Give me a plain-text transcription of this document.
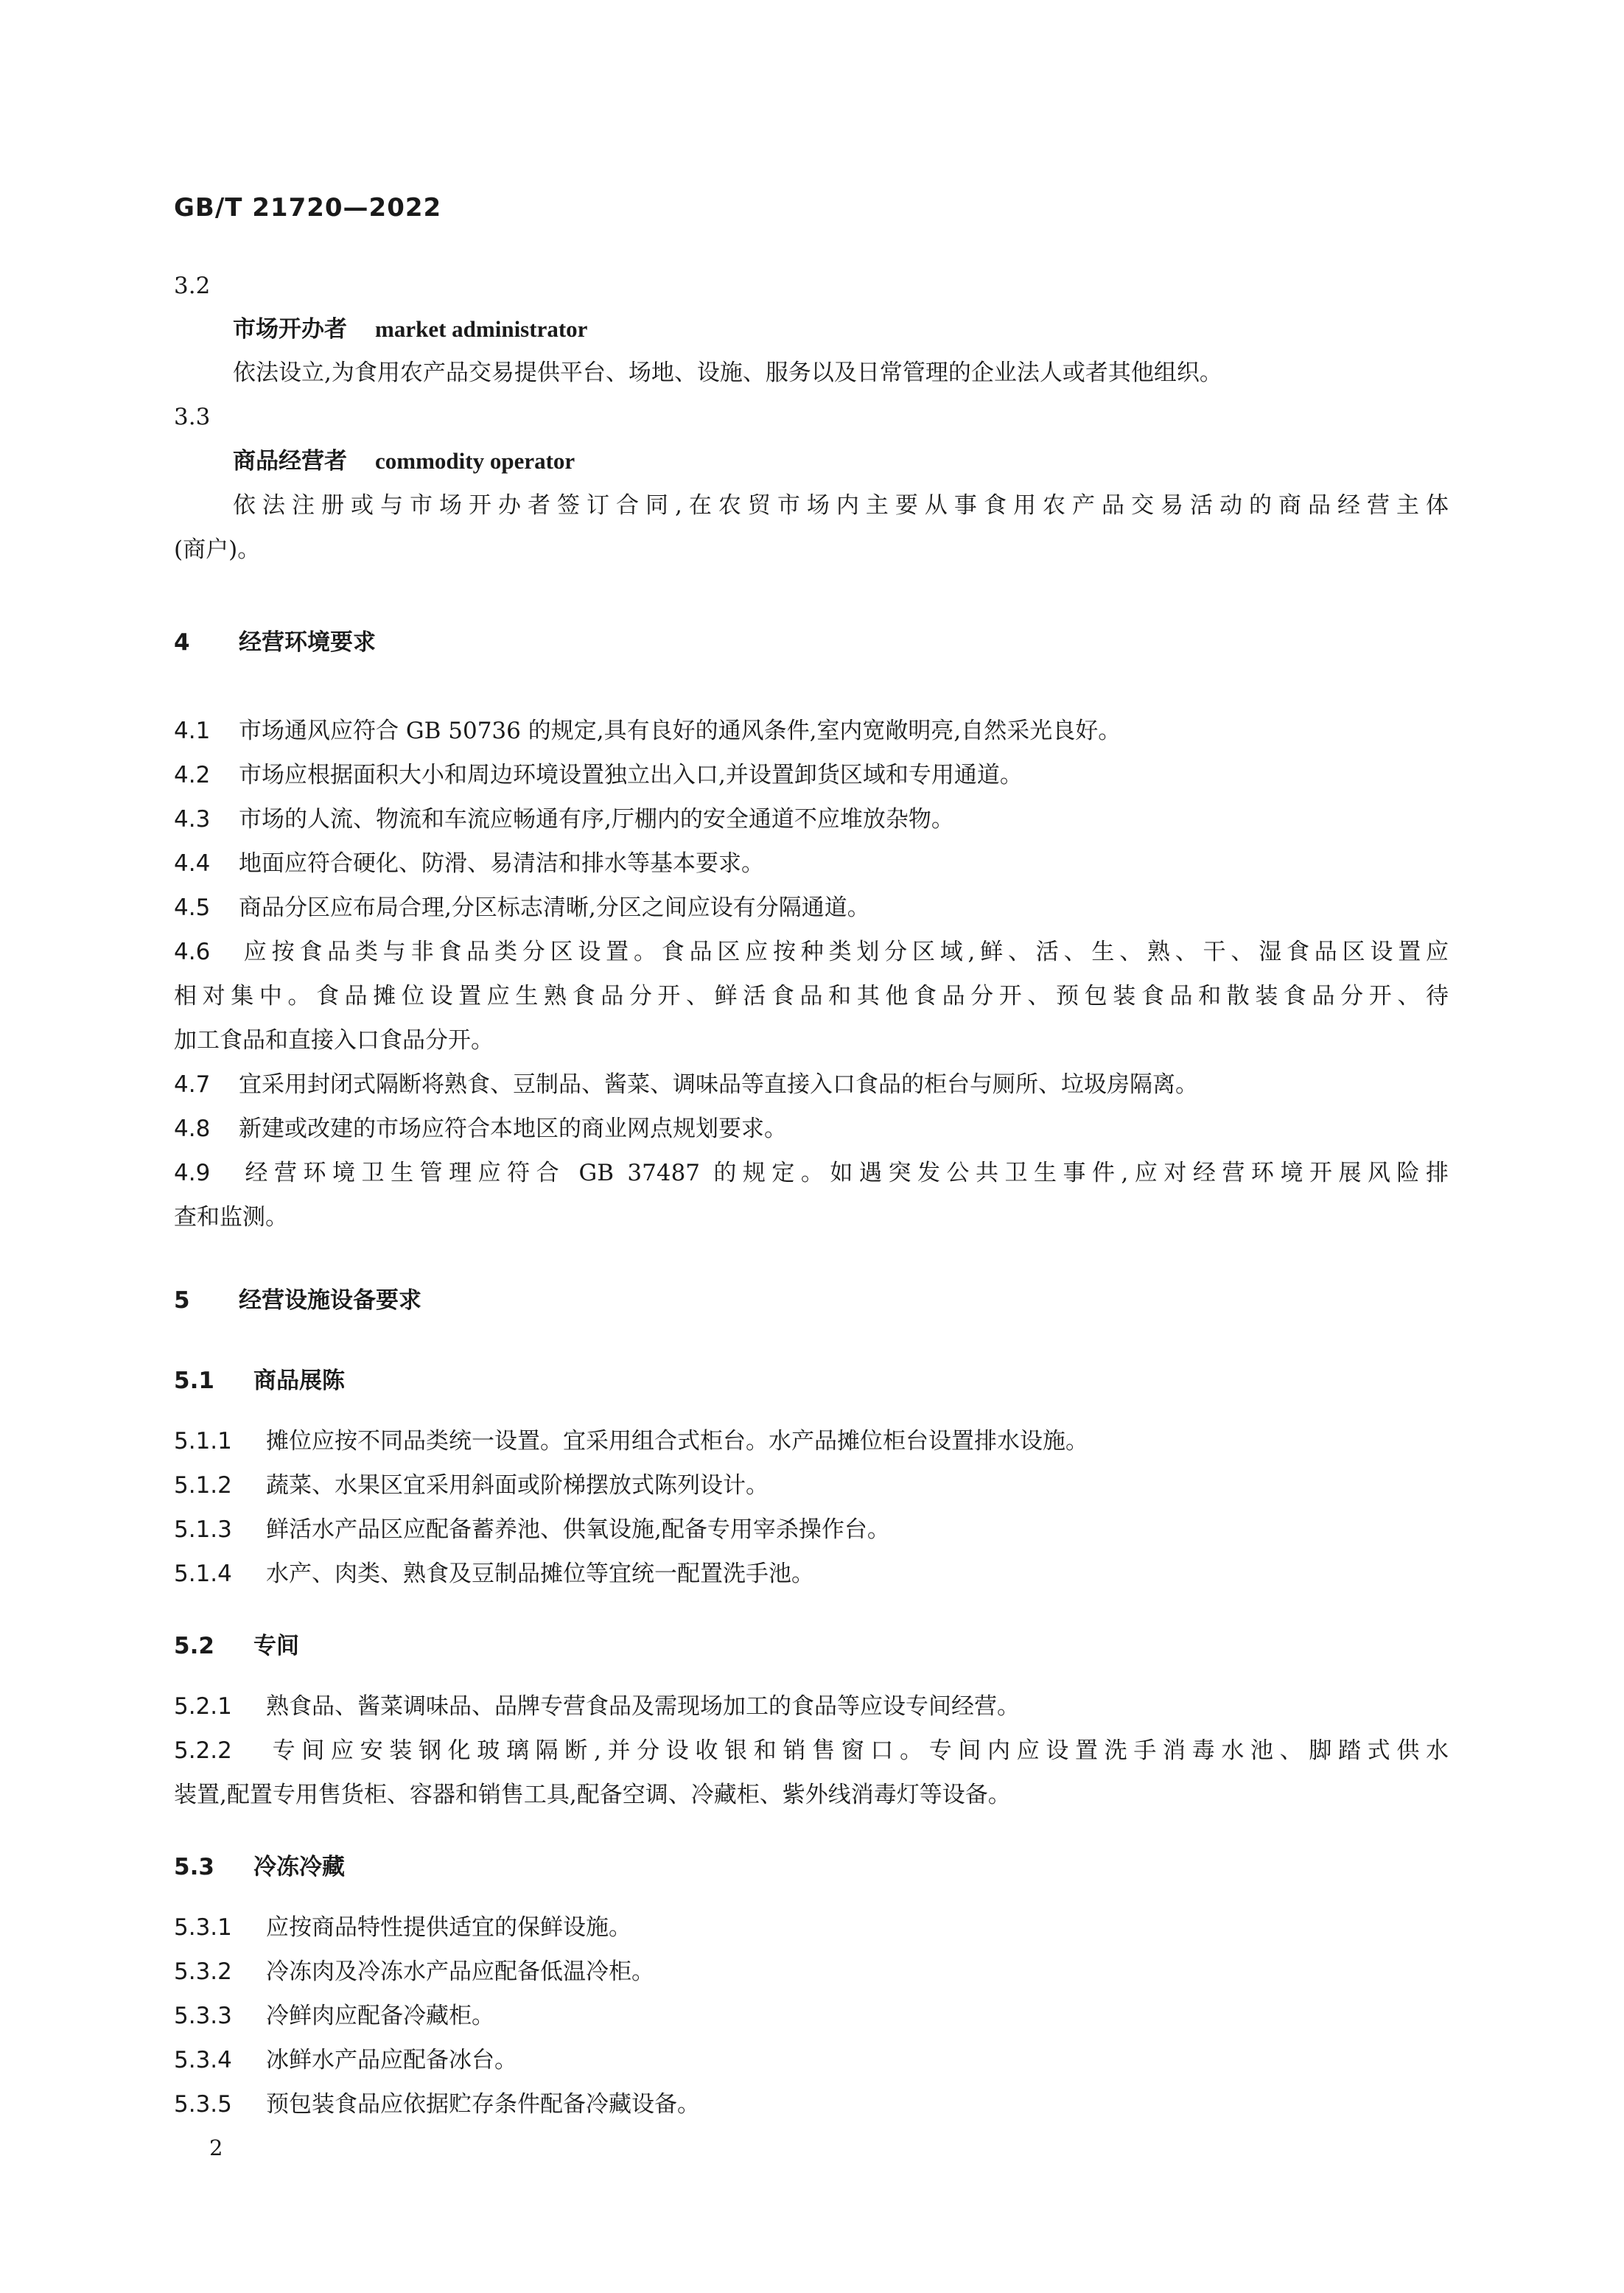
GB/T 21720—2022
3.2
市场开办者 market administrator
依法设立,为食用农产品交易提供平台、场地、设施、服务以及日常管理的企业法人或者其他组织。
3.3
商品经营者 commodity operator
依法注册或与市场开办者签订合同,在农贸市场内主要从事食用农产品交易活动的商品经营主体
(商户)。
4 经营环境要求
4.1 市场通风应符合 GB 50736 的规定,具有良好的通风条件,室内宽敞明亮,自然采光良好。
4.2 市场应根据面积大小和周边环境设置独立出入口,并设置卸货区域和专用通道。
4.3 市场的人流、物流和车流应畅通有序,厅棚内的安全通道不应堆放杂物。
4.4 地面应符合硬化、防滑、易清洁和排水等基本要求。
4.5 商品分区应布局合理,分区标志清晰,分区之间应设有分隔通道。
4.6 应按食品类与非食品类分区设置。食品区应按种类划分区域,鲜、活、生、熟、干、湿食品区设置应
相对集中。食品摊位设置应生熟食品分开、鲜活食品和其他食品分开、预包装食品和散装食品分开、待
加工食品和直接入口食品分开。
4.7 宜采用封闭式隔断将熟食、豆制品、酱菜、调味品等直接入口食品的柜台与厕所、垃圾房隔离。
4.8 新建或改建的市场应符合本地区的商业网点规划要求。
4.9 经营环境卫生管理应符合 GB 37487 的规定。如遇突发公共卫生事件,应对经营环境开展风险排
查和监测。
5 经营设施设备要求
5.1 商品展陈
5.1.1 摊位应按不同品类统一设置。宜采用组合式柜台。水产品摊位柜台设置排水设施。
5.1.2 蔬菜、水果区宜采用斜面或阶梯摆放式陈列设计。
5.1.3 鲜活水产品区应配备蓄养池、供氧设施,配备专用宰杀操作台。
5.1.4 水产、肉类、熟食及豆制品摊位等宜统一配置洗手池。
5.2 专间
5.2.1 熟食品、酱菜调味品、品牌专营食品及需现场加工的食品等应设专间经营。
5.2.2 专间应安装钢化玻璃隔断,并分设收银和销售窗口。专间内应设置洗手消毒水池、脚踏式供水
装置,配置专用售货柜、容器和销售工具,配备空调、冷藏柜、紫外线消毒灯等设备。
5.3 冷冻冷藏
5.3.1 应按商品特性提供适宜的保鲜设施。
5.3.2 冷冻肉及冷冻水产品应配备低温冷柜。
5.3.3 冷鲜肉应配备冷藏柜。
5.3.4 冰鲜水产品应配备冰台。
5.3.5 预包装食品应依据贮存条件配备冷藏设备。
2
